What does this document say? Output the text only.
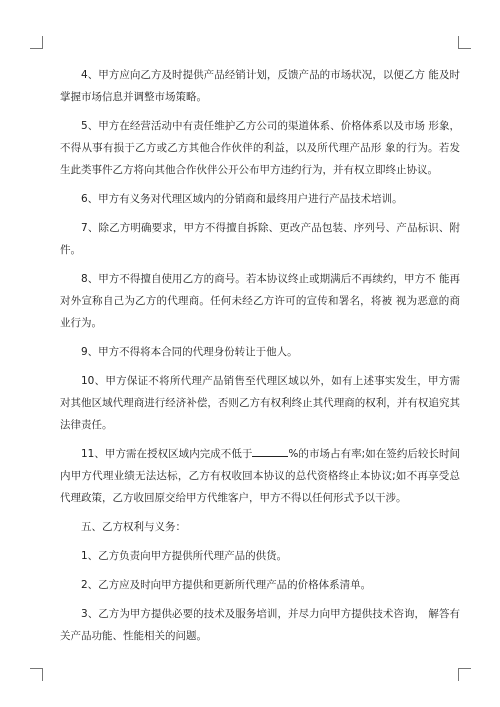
4、甲方应向乙方及时提供产品经销计划，反馈产品的市场状况，以便乙方 能及时掌握市场信息并调整市场策略。

5、甲方在经营活动中有责任维护乙方公司的渠道体系、价格体系以及市场 形象，不得从事有损于乙方或乙方其他合作伙伴的利益，以及所代理产品形 象的行为。若发生此类事件乙方将向其他合作伙伴公开公布甲方违约行为，并有权立即终止协议。

6、甲方有义务对代理区域内的分销商和最终用户进行产品技术培训。

7、除乙方明确要求，甲方不得擅自拆除、更改产品包装、序列号、产品标识、附件。

8、甲方不得擅自使用乙方的商号。若本协议终止或期满后不再续约，甲方不 能再对外宣称自己为乙方的代理商。任何未经乙方许可的宣传和署名，将被 视为恶意的商业行为。

9、甲方不得将本合同的代理身份转让于他人。

10、甲方保证不将所代理产品销售至代理区域以外，如有上述事实发生，甲方需对其他区域代理商进行经济补偿，否则乙方有权利终止其代理商的权利，并有权追究其法律责任。

11、甲方需在授权区域内完成不低于	%的市场占有率;如在签约后较长时间内甲方代理业绩无法达标，乙方有权收回本协议的总代资格终止本协议;如不再享受总代理政策，乙方收回原交给甲方代维客户，甲方不得以任何形式予以干涉。

五、乙方权利与义务：

1、乙方负责向甲方提供所代理产品的供货。

2、乙方应及时向甲方提供和更新所代理产品的价格体系清单。

3、乙方为甲方提供必要的技术及服务培训，并尽力向甲方提供技术咨询， 解答有关产品功能、性能相关的问题。
